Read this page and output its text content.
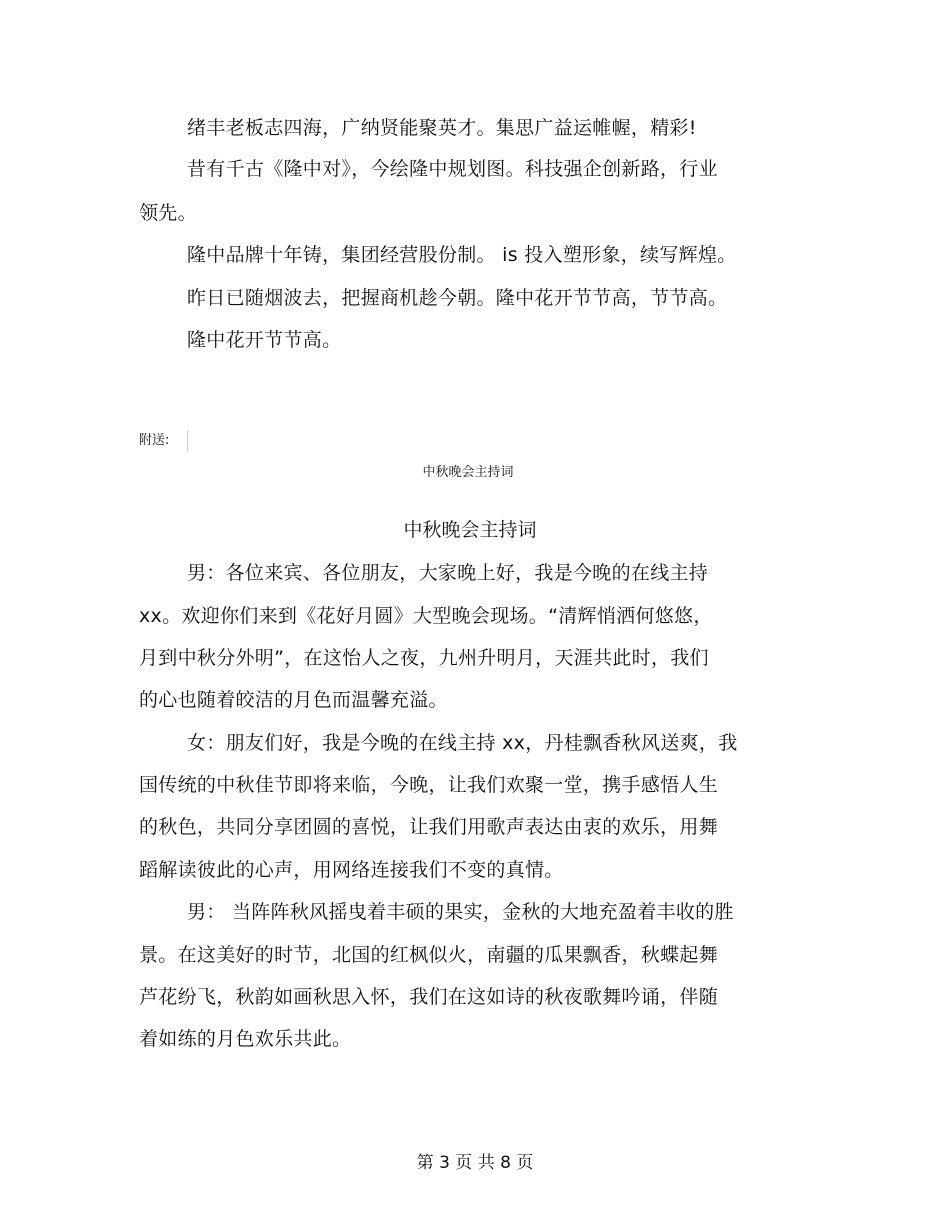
绪丰老板志四海，广纳贤能聚英才。集思广益运帷幄，精彩!
昔有千古《隆中对》，今绘隆中规划图。科技强企创新路，行业
领先。
隆中品牌十年铸，集团经营股份制。 is 投入塑形象，续写辉煌。
昨日已随烟波去，把握商机趁今朝。隆中花开节节高，节节高。
隆中花开节节高。
附送:
中秋晚会主持词
中秋晚会主持词
男：各位来宾、各位朋友，大家晚上好，我是今晚的在线主持
xx。欢迎你们来到《花好月圆》大型晚会现场。“清辉悄洒何悠悠，
月到中秋分外明”，在这怡人之夜，九州升明月，天涯共此时，我们
的心也随着皎洁的月色而温馨充溢。
女：朋友们好，我是今晚的在线主持 xx，丹桂飘香秋风送爽，我
国传统的中秋佳节即将来临，今晚，让我们欢聚一堂，携手感悟人生
的秋色，共同分享团圆的喜悦，让我们用歌声表达由衷的欢乐，用舞
蹈解读彼此的心声，用网络连接我们不变的真情。
男： 当阵阵秋风摇曳着丰硕的果实，金秋的大地充盈着丰收的胜
景。在这美好的时节，北国的红枫似火，南疆的瓜果飘香，秋蝶起舞
芦花纷飞，秋韵如画秋思入怀，我们在这如诗的秋夜歌舞吟诵，伴随
着如练的月色欢乐共此。
第 3 页 共 8 页
